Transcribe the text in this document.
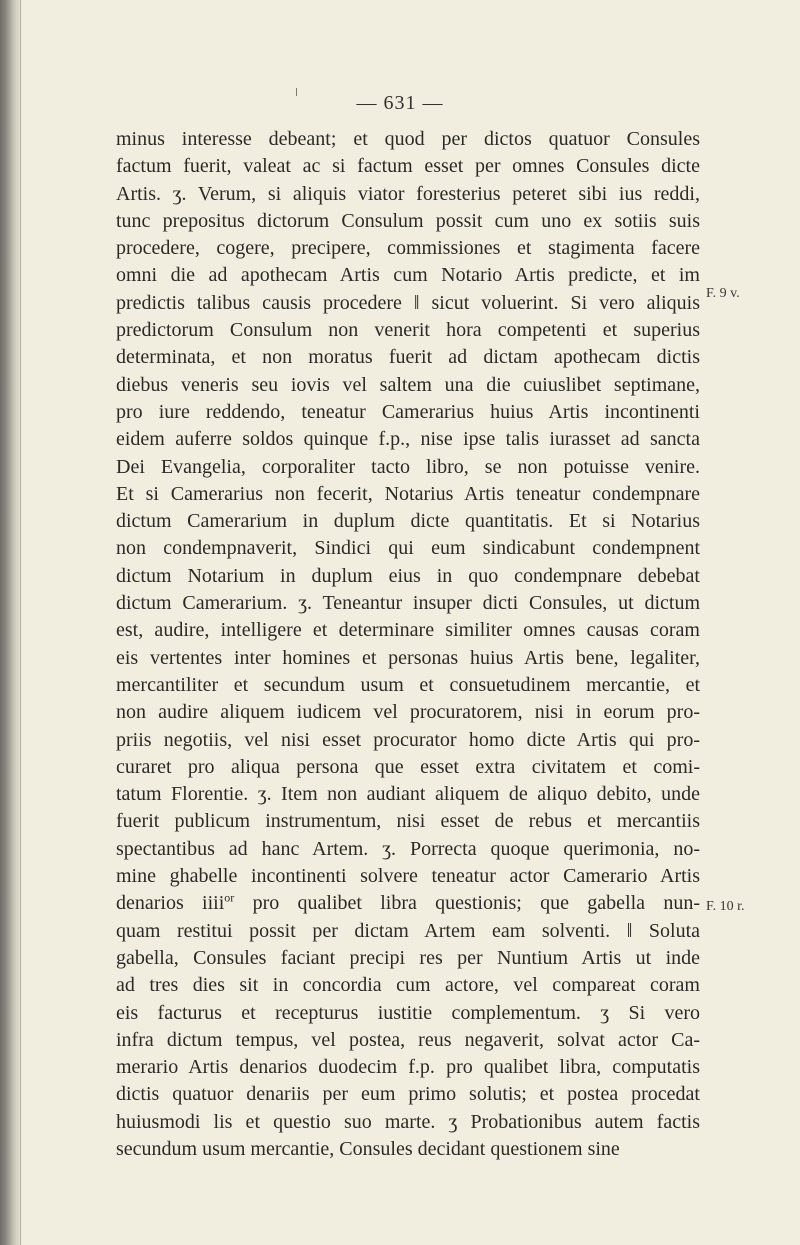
— 631 —
minus interesse debeant; et quod per dictos quatuor Consules
factum fuerit, valeat ac si factum esset per omnes Consules dicte
Artis. ʒ. Verum, si aliquis viator foresterius peteret sibi ius reddi,
tunc prepositus dictorum Consulum possit cum uno ex sotiis suis
procedere, cogere, precipere, commissiones et stagimenta facere
omni die ad apothecam Artis cum Notario Artis predicte, et im
predictis talibus causis procedere ‖ sicut voluerint. Si vero aliquis
predictorum Consulum non venerit hora competenti et superius
determinata, et non moratus fuerit ad dictam apothecam dictis
diebus veneris seu iovis vel saltem una die cuiuslibet septimane,
pro iure reddendo, teneatur Camerarius huius Artis incontinenti
eidem auferre soldos quinque f.p., nise ipse talis iurasset ad sancta
Dei Evangelia, corporaliter tacto libro, se non potuisse venire.
Et si Camerarius non fecerit, Notarius Artis teneatur condempnare
dictum Camerarium in duplum dicte quantitatis. Et si Notarius
non condempnaverit, Sindici qui eum sindicabunt condempnent
dictum Notarium in duplum eius in quo condempnare debebat
dictum Camerarium. ʒ. Teneantur insuper dicti Consules, ut dictum
est, audire, intelligere et determinare similiter omnes causas coram
eis vertentes inter homines et personas huius Artis bene, legaliter,
mercantiliter et secundum usum et consuetudinem mercantie, et
non audire aliquem iudicem vel procuratorem, nisi in eorum pro-
priis negotiis, vel nisi esset procurator homo dicte Artis qui pro-
curaret pro aliqua persona que esset extra civitatem et comi-
tatum Florentie. ʒ. Item non audiant aliquem de aliquo debito, unde
fuerit publicum instrumentum, nisi esset de rebus et mercantiis
spectantibus ad hanc Artem. ʒ. Porrecta quoque querimonia, no-
mine ghabelle incontinenti solvere teneatur actor Camerario Artis
denarios iiii$^{or}$ pro qualibet libra questionis; que gabella nun-
quam restitui possit per dictam Artem eam solventi. ‖ Soluta
gabella, Consules faciant precipi res per Nuntium Artis ut inde
ad tres dies sit in concordia cum actore, vel compareat coram
eis facturus et recepturus iustitie complementum. ʒ Si vero
infra dictum tempus, vel postea, reus negaverit, solvat actor Ca-
merario Artis denarios duodecim f.p. pro qualibet libra, computatis
dictis quatuor denariis per eum primo solutis; et postea procedat
huiusmodi lis et questio suo marte. ʒ Probationibus autem factis
secundum usum mercantie, Consules decidant questionem sine
F. 9 v.
F. 10 r.
